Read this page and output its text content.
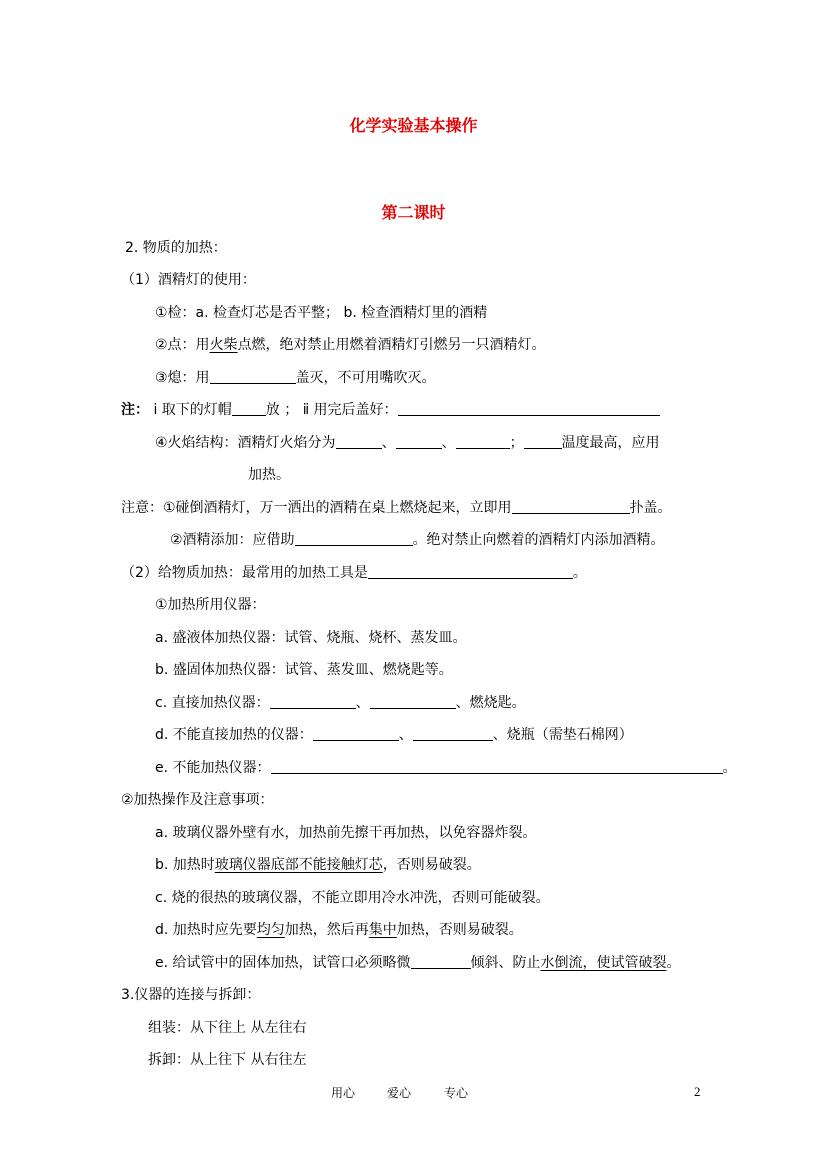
化学实验基本操作
第二课时
2. 物质的加热：
（1）酒精灯的使用：
①检：a. 检查灯芯是否平整； b. 检查酒精灯里的酒精
②点：用火柴点燃，绝对禁止用燃着酒精灯引燃另一只酒精灯。
③熄：用	盖灭，不可用嘴吹灭。
注： ⅰ 取下的灯帽 放 ； ⅱ 用完后盖好：
④火焰结构：酒精灯火焰分为	、	、	；	温度最高，应用
加热。
注意：①碰倒酒精灯，万一洒出的酒精在桌上燃烧起来，立即用	扑盖。
②酒精添加：应借助	。绝对禁止向燃着的酒精灯内添加酒精。
（2）给物质加热：最常用的加热工具是	。
①加热所用仪器：
a. 盛液体加热仪器：试管、烧瓶、烧杯、蒸发皿。
b. 盛固体加热仪器：试管、蒸发皿、燃烧匙等。
c. 直接加热仪器：	、	、燃烧匙。
d. 不能直接加热的仪器：	、	、烧瓶（需垫石棉网）
e. 不能加热仪器：	。
②加热操作及注意事项：
a. 玻璃仪器外壁有水，加热前先擦干再加热，以免容器炸裂。
b. 加热时玻璃仪器底部不能接触灯芯，否则易破裂。
c. 烧的很热的玻璃仪器，不能立即用冷水冲洗，否则可能破裂。
d. 加热时应先要均匀加热，然后再集中加热，否则易破裂。
e. 给试管中的固体加热，试管口必须略微	倾斜、防止水倒流，使试管破裂。
3.仪器的连接与拆卸：
组装：从下往上 从左往右
拆卸：从上往下 从右往左
用心	爱心	专心	2
